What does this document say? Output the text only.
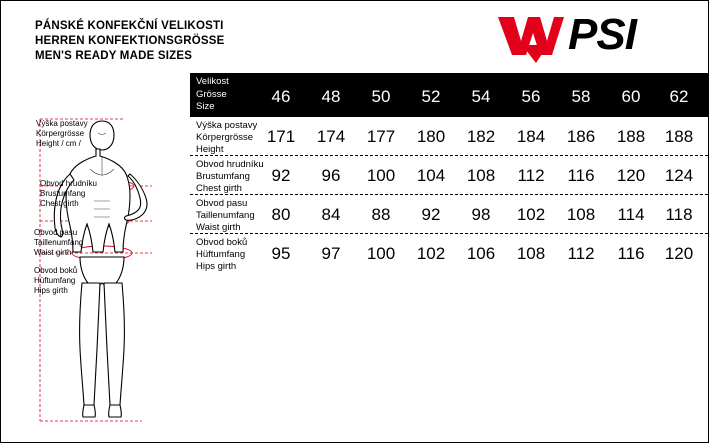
PÁNSKÉ KONFEKČNÍ VELIKOSTI
HERREN KONFEKTIONSGRÖSSE
MEN'S READY MADE SIZES	PSI
Výška postavy
Körpergrösse
Height / cm /
Obvod hrudníku
Brustumfang
Chest girth
Obvod pasu
Taillenumfang
Waist girth
Obvod boků
Hüftumfang
Hips girth
Velikost
Grösse
Size
46	48	50	52	54	56	58	60	62
Výška postavy
Körpergrösse
Height
171	174	177	180	182	184	186	188	188
Obvod hrudníku
Brustumfang
Chest girth
92	96	100	104	108	112	116	120	124
Obvod pasu
Taillenumfang
Waist girth
80	84	88	92	98	102	108	114	118
Obvod boků
Hüftumfang
Hips girth
95	97	100	102	106	108	112	116	120
